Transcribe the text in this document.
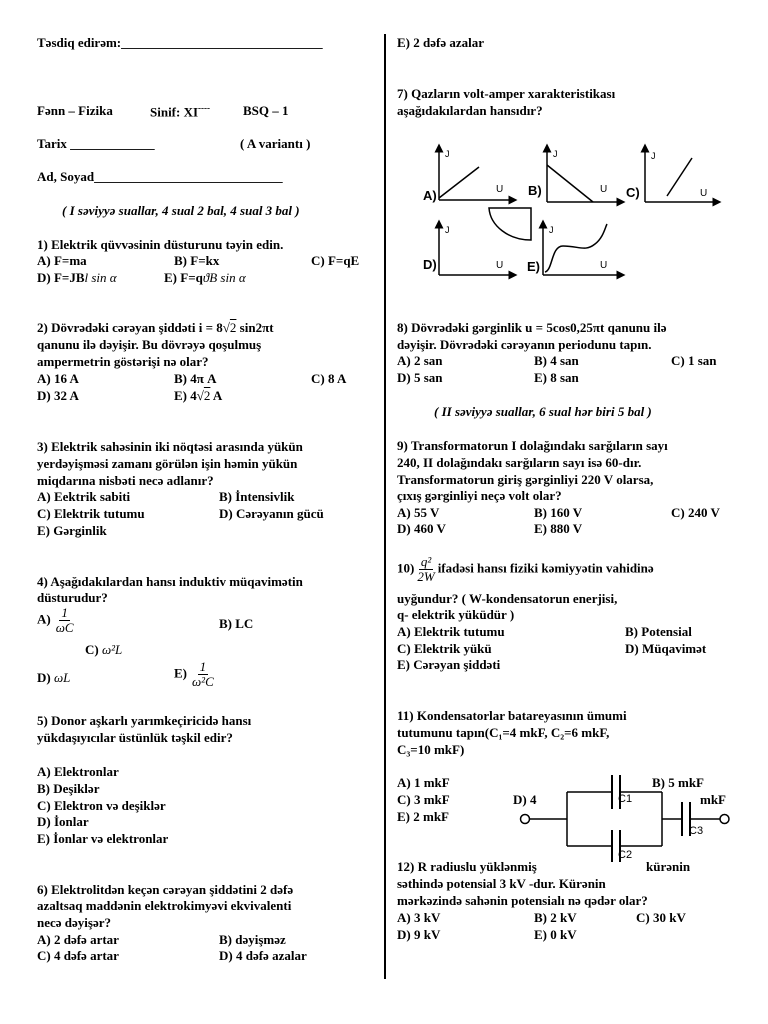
Təsdiq edirəm:_______________________________
Fənn – Fizika	Sinif: XI----	BSQ – 1
Tarix _____________	( A variantı )
Ad, Soyad_____________________________
( I səviyyə suallar, 4 sual 2 bal, 4 sual 3 bal )
1) Elektrik qüvvəsinin düsturunu təyin edin.
A) F=ma	B) F=kx	C) F=qE
D) F=JBl sin α	E) F=qϑB sin α
2) Dövrədəki cərəyan şiddəti i = 8√2 sin2πt
qanunu ilə dəyişir. Bu dövrəyə qoşulmuş
ampermetrin göstərişi nə olar?
A) 16 A	B) 4π A	C) 8 A
D) 32 A	E) 4√2 A
3) Elektrik sahəsinin iki nöqtəsi arasında yükün
yerdəyişməsi zamanı görülən işin həmin yükün
miqdarına nisbəti necə adlanır?
A) Eektrik sabiti	B) İntensivlik
C) Elektrik tutumu	D) Cərəyanın gücü
E) Gərginlik
4) Aşağıdakılardan hansı induktiv müqavimətin
düsturudur?
$A) \frac{1}{\omega C}$	B) LC
C) ω²L
D) ωL	$E) \frac{1}{\text{ω²C}}$
5) Donor aşkarlı yarımkeçiricidə hansı
yükdaşıyıcılar üstünlük təşkil edir?
A) Elektronlar
B) Deşiklər
C) Elektron və deşiklər
D) İonlar
E) İonlar və elektronlar
6) Elektrolitdən keçən cərəyan şiddətini 2 dəfə
azaltsaq maddənin elektrokimyəvi ekvivalenti
necə dəyişər?
A) 2 dəfə artar	B) dəyişməz
C) 4 dəfə artar	D) 4 dəfə azalar
E) 2 dəfə azalar
7) Qazların volt-amper xarakteristikası
aşağıdakılardan hansıdır?
J
U
A)
J
U
B)
J
U
C)
J
U
D)
J
U
E)
8) Dövrədəki gərginlik u = 5cos0,25πt qanunu ilə
dəyişir. Dövrədəki cərəyanın periodunu tapın.
A) 2 san	B) 4 san	C) 1 san
D) 5 san	E) 8 san
( II səviyyə suallar, 6 sual hər biri 5 bal )
9) Transformatorun I dolağındakı sarğıların sayı
240, II dolağındakı sarğıların sayı isə 60-dır.
Transformatorun giriş gərginliyi 220 V olarsa,
çıxış gərginliyi neçə volt olar?
A) 55 V	B) 160 V	C) 240 V
D) 460 V	E) 880 V
$10) \frac{\text{q²}}{2W}$ ifadəsi hansı fiziki kəmiyyətin vahidinə
uyğundur? ( W-kondensatorun enerjisi,
q- elektrik yüküdür )
A) Elektrik tutumu	B) Potensial
C) Elektrik yükü	D) Müqavimət
E) Cərəyan şiddəti
11) Kondensatorlar batareyasının ümumi
tutumunu tapın(C₁=4 mkF, C₂=6 mkF,
C₃=10 mkF)
A) 1 mkF	B) 5 mkF
C) 3 mkF	D) 4	mkF
E) 2 mkF
C1
C2
C3
12) R radiuslu yüklənmiş	kürənin
səthində potensial 3 kV -dur. Kürənin
mərkəzində sahənin potensialı nə qədər olar?
A) 3 kV	B) 2 kV	C) 30 kV
D) 9 kV	E) 0 kV
